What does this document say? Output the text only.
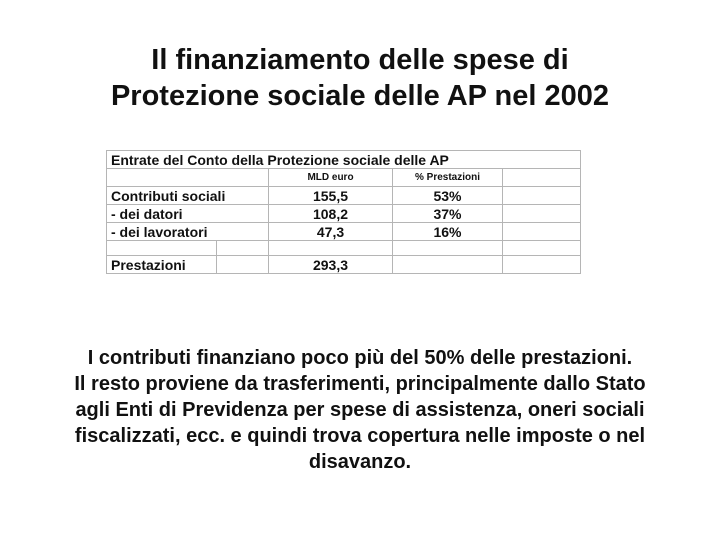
Il finanziamento delle spese di
Protezione sociale delle AP nel 2002
Entrate del Conto della Protezione sociale delle AP				
		MLD euro	% Prestazioni	
Contributi sociali		155,5	53%	
- dei datori		108,2	37%	
- dei lavoratori		47,3	16%	

Prestazioni		293,3		
I contributi finanziano poco più del 50% delle prestazioni.
Il resto proviene da trasferimenti, principalmente dallo Stato
agli Enti di Previdenza per spese di assistenza, oneri sociali
fiscalizzati, ecc. e quindi trova copertura nelle imposte o nel
disavanzo.
